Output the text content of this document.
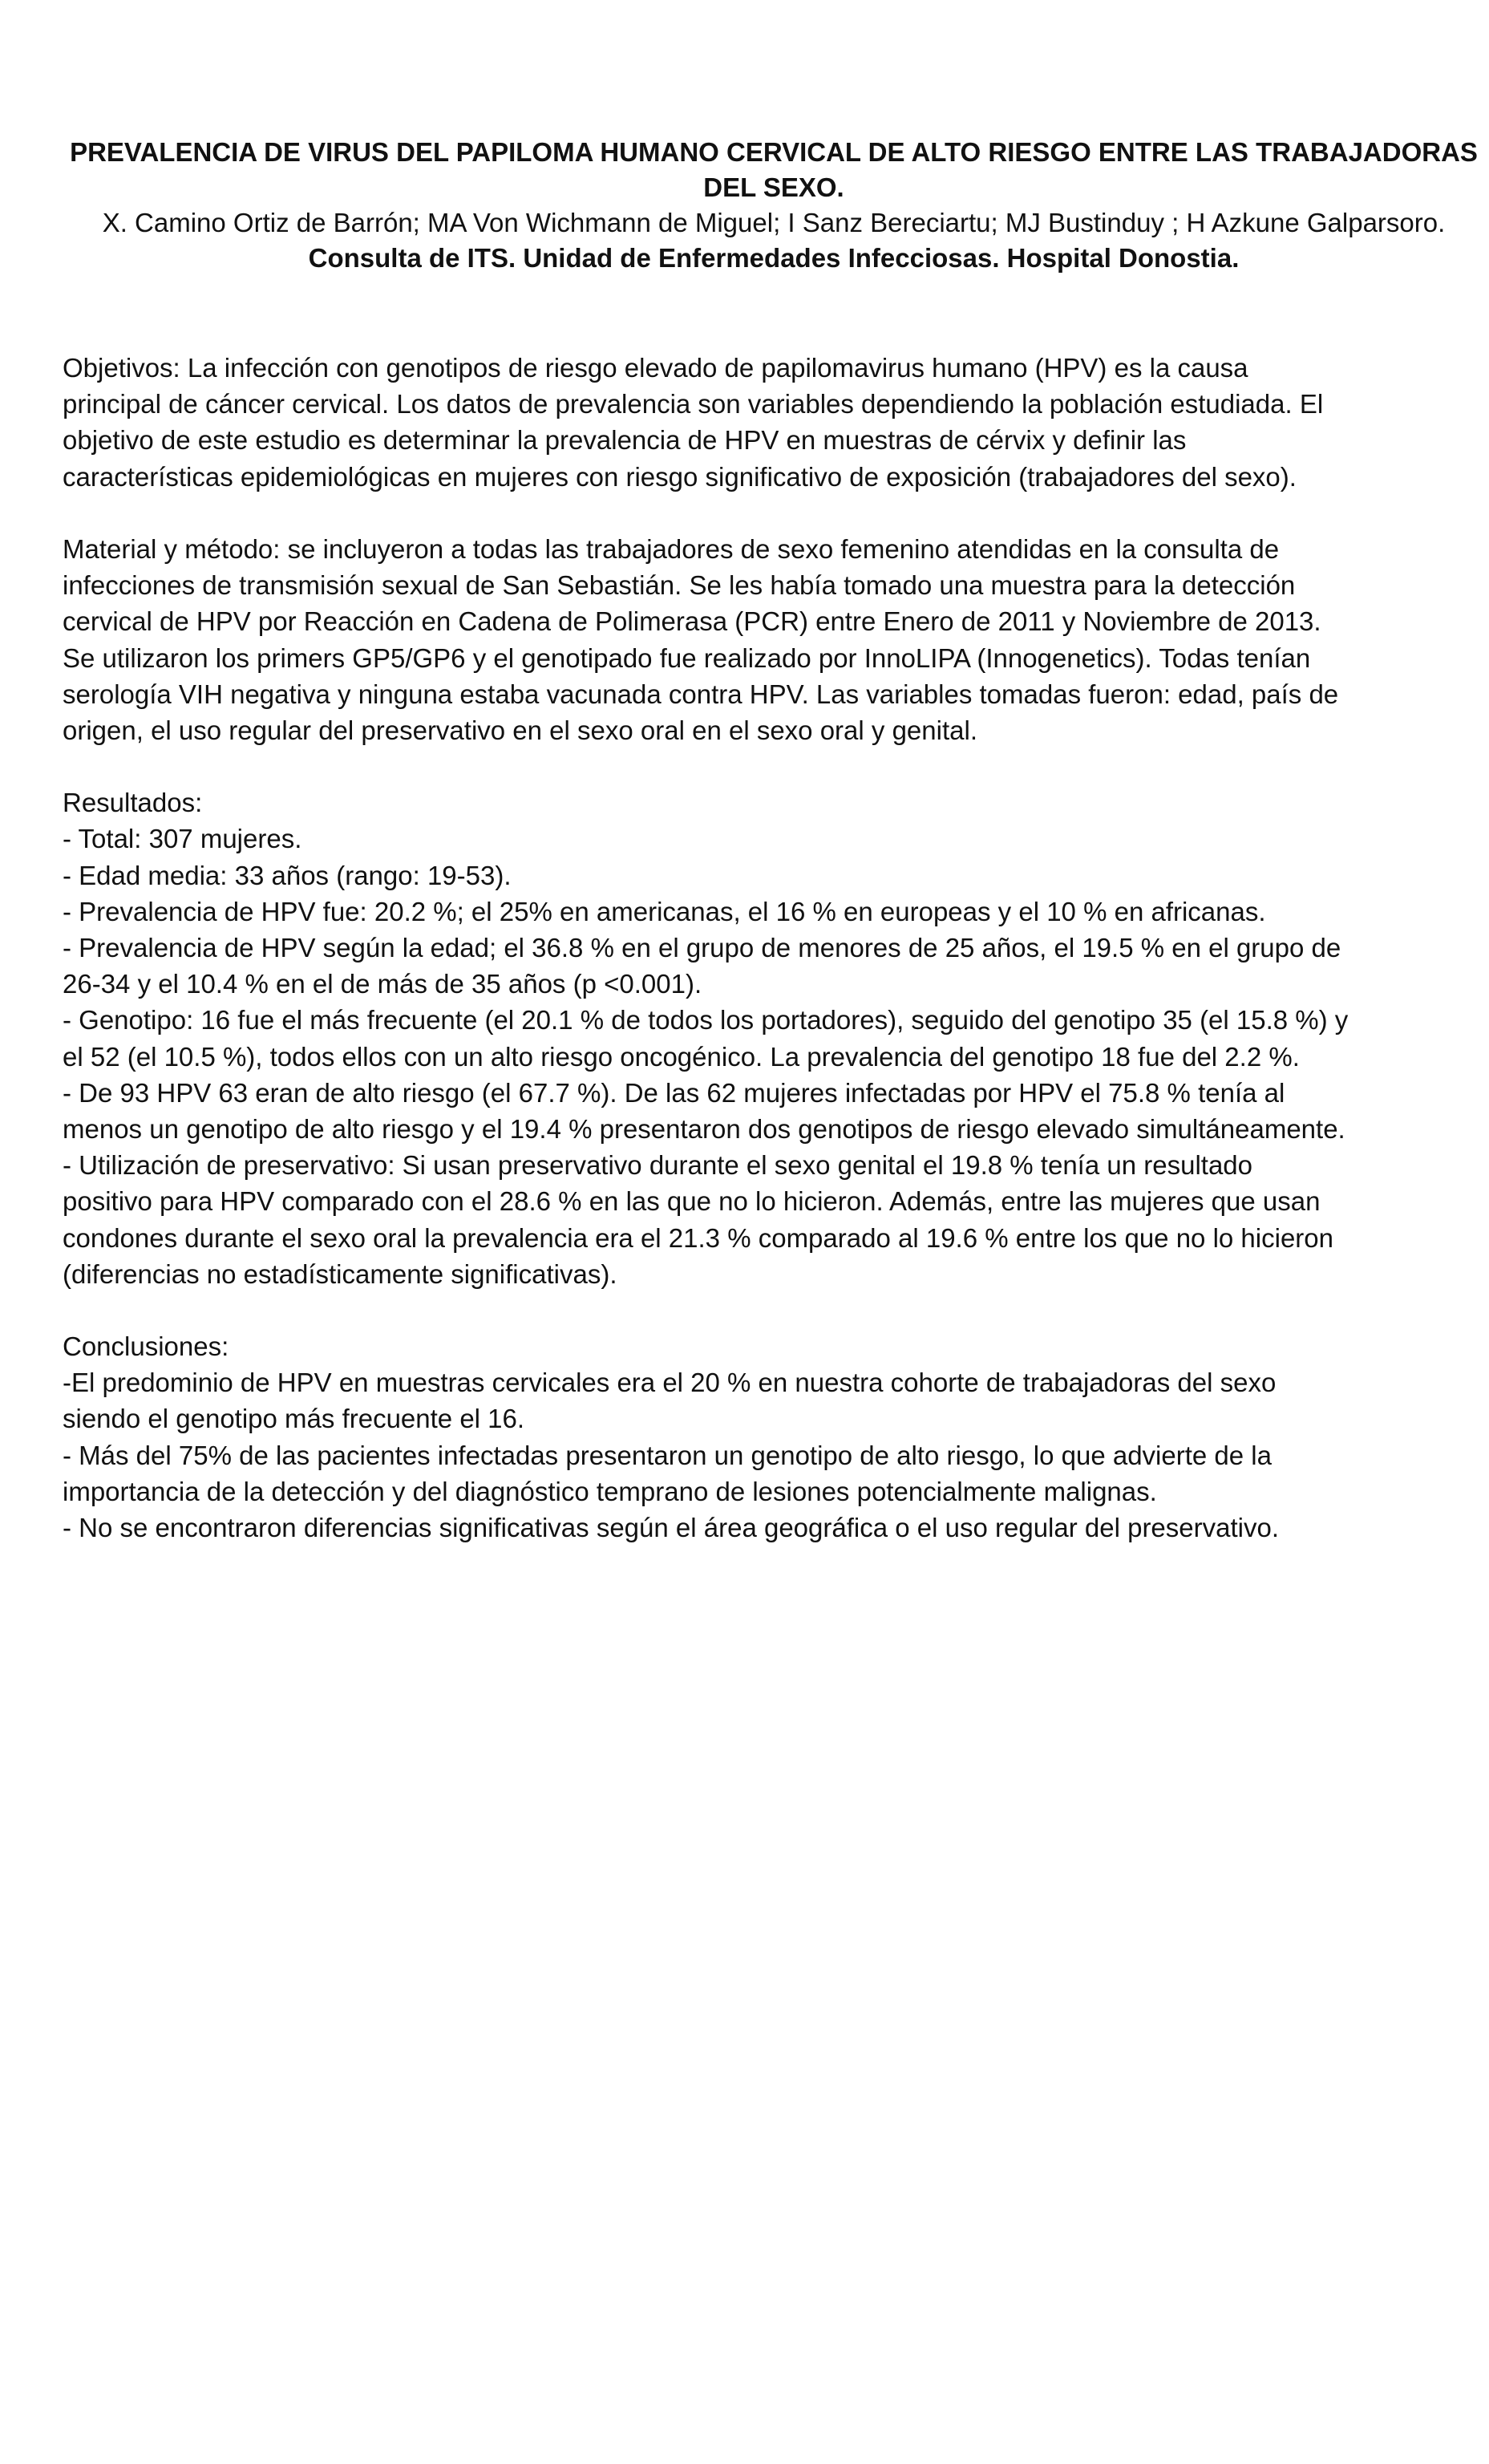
PREVALENCIA DE VIRUS DEL PAPILOMA HUMANO CERVICAL DE ALTO RIESGO ENTRE LAS TRABAJADORAS DEL SEXO.

X. Camino Ortiz de Barrón; MA Von Wichmann de Miguel; I Sanz Bereciartu; MJ Bustinduy ; H Azkune Galparsoro.

Consulta de ITS. Unidad de Enfermedades Infecciosas. Hospital Donostia.

Objetivos: La infección con genotipos de riesgo elevado de papilomavirus humano (HPV) es la causa
principal de cáncer cervical. Los datos de prevalencia son variables dependiendo la población estudiada. El
objetivo de este estudio es determinar la prevalencia de HPV en muestras de cérvix y definir las
características epidemiológicas en mujeres con riesgo significativo de exposición (trabajadores del sexo).
Material y método: se incluyeron a todas las trabajadores de sexo femenino atendidas en la consulta de
infecciones de transmisión sexual de San Sebastián. Se les había tomado una muestra para la detección
cervical de HPV por Reacción en Cadena de Polimerasa (PCR) entre Enero de 2011 y Noviembre de 2013.
Se utilizaron los primers GP5/GP6 y el genotipado fue realizado por InnoLIPA (Innogenetics). Todas tenían
serología VIH negativa y ninguna estaba vacunada contra HPV. Las variables tomadas fueron: edad, país de
origen, el uso regular del preservativo en el sexo oral en el sexo oral y genital.
Resultados:
- Total: 307 mujeres.
- Edad media: 33 años (rango: 19-53).
- Prevalencia de HPV fue: 20.2 %; el 25% en americanas, el 16 % en europeas y el 10 % en africanas.
- Prevalencia de HPV según la edad; el 36.8 % en el grupo de menores de 25 años, el 19.5 % en el grupo de
26-34 y el 10.4 % en el de más de 35 años (p <0.001).
- Genotipo: 16 fue el más frecuente (el 20.1 % de todos los portadores), seguido del genotipo 35 (el 15.8 %) y
el 52 (el 10.5 %), todos ellos con un alto riesgo oncogénico. La prevalencia del genotipo 18 fue del 2.2 %.
- De 93 HPV 63 eran de alto riesgo (el 67.7 %). De las 62 mujeres infectadas por HPV el 75.8 % tenía al
menos un genotipo de alto riesgo y el 19.4 % presentaron dos genotipos de riesgo elevado simultáneamente.
- Utilización de preservativo: Si usan preservativo durante el sexo genital el 19.8 % tenía un resultado
positivo para HPV comparado con el 28.6 % en las que no lo hicieron. Además, entre las mujeres que usan
condones durante el sexo oral la prevalencia era el 21.3 % comparado al 19.6 % entre los que no lo hicieron
(diferencias no estadísticamente significativas).
Conclusiones:
-El predominio de HPV en muestras cervicales era el 20 % en nuestra cohorte de trabajadoras del sexo
siendo el genotipo más frecuente el 16.
- Más del 75% de las pacientes infectadas presentaron un genotipo de alto riesgo, lo que advierte de la
importancia de la detección y del diagnóstico temprano de lesiones potencialmente malignas.
- No se encontraron diferencias significativas según el área geográfica o el uso regular del preservativo.
